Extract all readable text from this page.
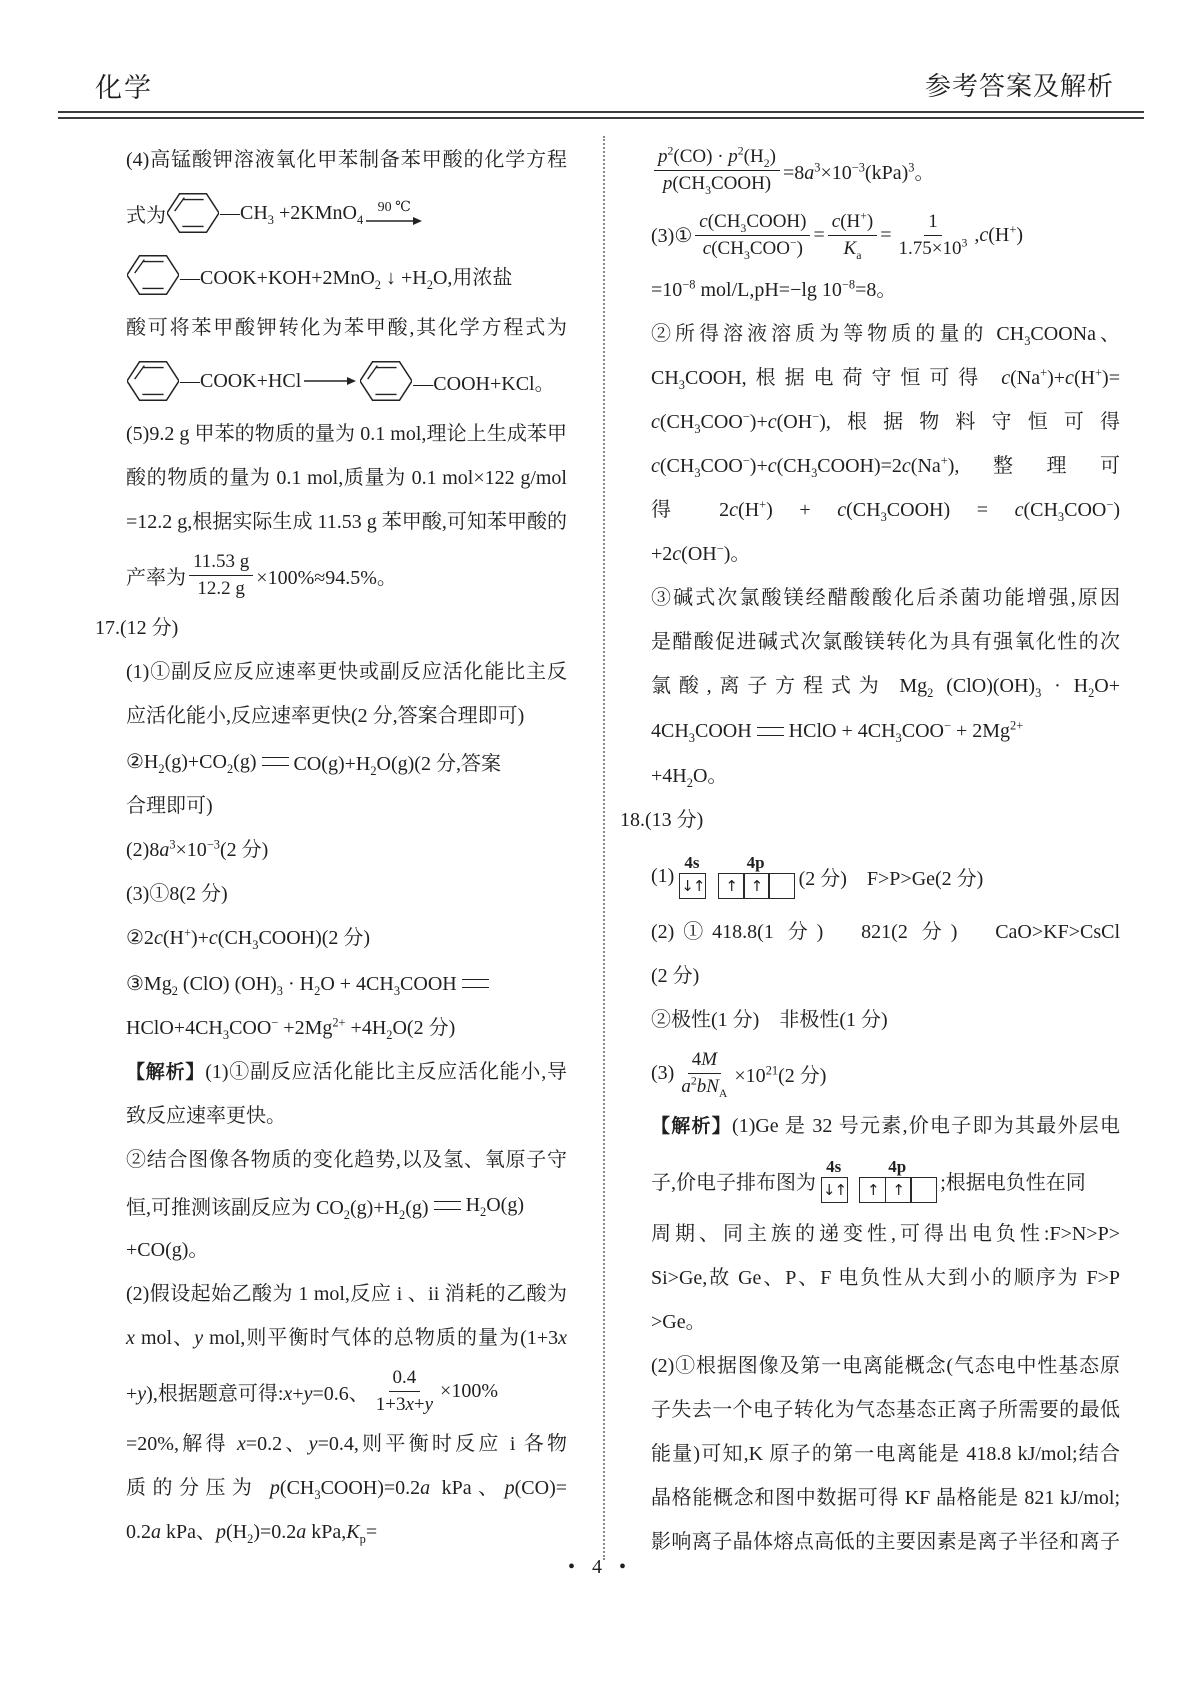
化学	参考答案及解析
(4)高锰酸钾溶液氧化甲苯制备苯甲酸的化学方程
式为	$—CH_3$ +2KMnO$_4$
90 ℃
—COOK+KOH+2MnO$_2$ ↓ $+H_2O$,用浓盐
酸可将苯甲酸钾转化为苯甲酸,其化学方程式为
—COOK+HCl	—COOH+KCl。
(5)9.2 g 甲苯的物质的量为 0.1 mol,理论上生成苯甲
酸的物质的量为 0.1 mol,质量为 0.1 mol×122 g/mol
=12.2 g,根据实际生成 11.53 g 苯甲酸,可知苯甲酸的
产率为 $\frac{11.53 g}{12.2 g} \times 100\%\approx 94.5\%$。
17.(12 分)
(1)①副反应反应速率更快或副反应活化能比主反
应活化能小,反应速率更快(2 分,答案合理即可)
$②H_2(g)+CO_2(g)$ $CO(g)+H_2O(g)(2$ 分,答案
合理即可)
$(2)8a^3\times 10^{-3}(2$ 分)
(3)①8(2 分)
$②2c(H^+)+c(CH_3COOH)(2$ 分)
$③Mg_2$ (ClO) $(OH)_3 \cdot H_2O$ + $4CH_3COOH$
$HClO+4CH_3COO^- +2Mg^{2+} +4H_2O(2$ 分)
【解析】(1)①副反应活化能比主反应活化能小,导
致反应速率更快。
②结合图像各物质的变化趋势,以及氢、氧原子守
恒,可推测该副反应为 $CO_2(g)+H_2(g)$ $H_2O(g)$
+CO(g)。
(2)假设起始乙酸为 1 mol,反应 i 、ii 消耗的乙酸为
x mol、y mol,则平衡时气体的总物质的量为(1+3x
+y),根据题意可得:x+y=0.6、 $\frac{0.4}{1+3x+y} \times 100\%$
=20%,解得 x=0.2、y=0.4,则平衡时反应 i 各物
质的分压为 $p(CH_3COOH)=0.2a$ kPa、p(CO)=
0.2a kPa、$p(H_2)=0.2a$ $kPa,K_p=$
$\frac{p^2(CO) \cdot p^2(H_2)}{p(CH_3COOH)} =8a^3\times 10^{-3}(kPa)^3$。
(3)① $\frac{c(CH_3COOH)}{c(CH_3COO^-)} = \frac{c(H^+)}{K_a} = \frac{1}{1.75\times 10^3} ,c(H^+)$
$=10^{-8}$ mol/L,pH=−lg $10^{-8}=8$。
②所得溶液溶质为等物质的量的 $CH_3COONa$、
$CH_3COOH$,根据电荷守恒可得 c(Na+)+c(H+)=
$c(CH_3COO^-)+c(OH^-)$,根据物料守恒可得
$c(CH_3COO^-)+c(CH_3COOH)=2c(Na^+)$,整理可
得 $2c(H^+) + c(CH_3COOH) = c(CH_3COO^-)$
+2c(OH−)。
③碱式次氯酸镁经醋酸酸化后杀菌功能增强,原因
是醋酸促进碱式次氯酸镁转化为具有强氧化性的次
氯酸,离子方程式为 $Mg_2$ $(ClO)(OH)_3 \cdot H_2O+$
$4CH_3COOH$ HClO + $4CH_3COO^- + 2Mg^{2+}$
$+4H_2O$。
18.(13 分)
(1)
4s
↓↑
4p
↑ ↑	(2 分)　F>P>Ge(2 分)
(2)①418.8(1 分)　821(2 分)　CaO>KF>CsCl
(2 分)
②极性(1 分)　非极性(1 分)
$(3) \frac{4M}{a^2bN_A} \times 10^{21}(2$ 分)
【解析】(1)Ge 是 32 号元素,价电子即为其最外层电
子,价电子排布图为
4s
↓↑
4p
↑ ↑	;根据电负性在同
周期、同主族的递变性,可得出电负性:F>N>P>
Si>Ge,故 Ge、P、F 电负性从大到小的顺序为 F>P
>Ge。
(2)①根据图像及第一电离能概念(气态电中性基态原
子失去一个电子转化为气态基态正离子所需要的最低
能量)可知,K 原子的第一电离能是 418.8 kJ/mol;结合
晶格能概念和图中数据可得 KF 晶格能是 821 kJ/mol;
影响离子晶体熔点高低的主要因素是离子半径和离子
• 4 •
